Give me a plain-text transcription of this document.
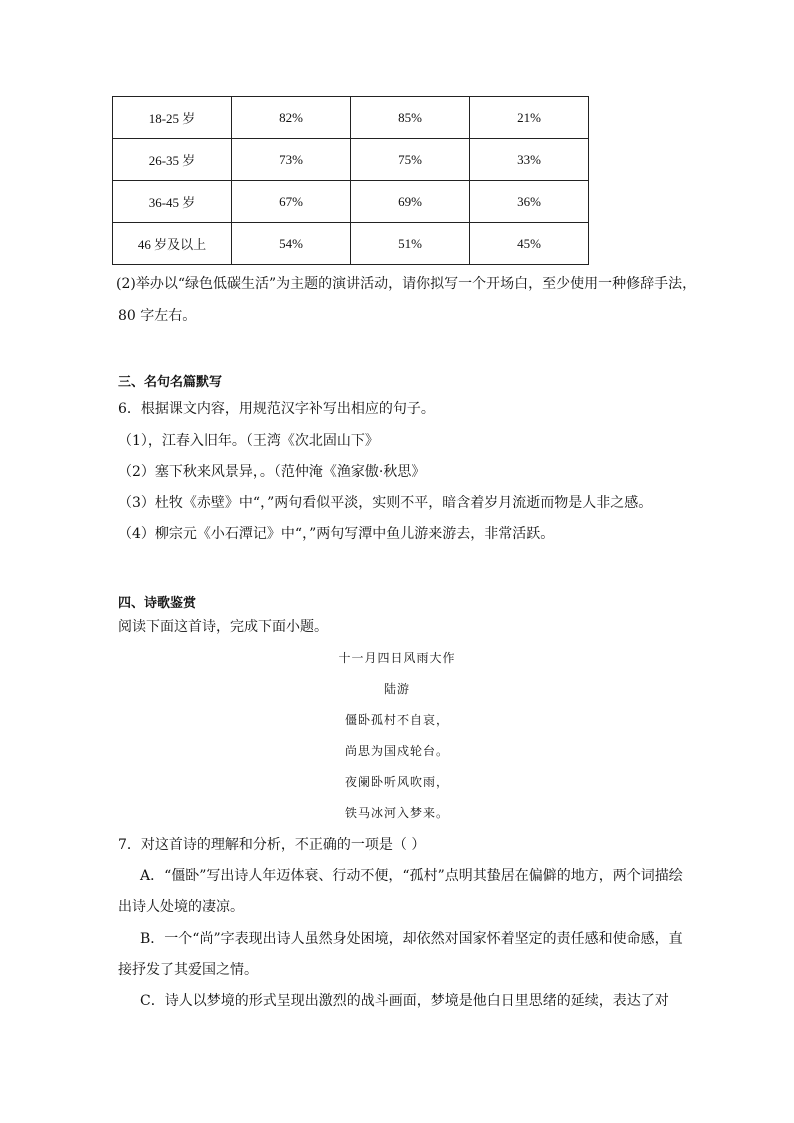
18-25 岁	82%	85%	21%
26-35 岁	73%	75%	33%
36-45 岁	67%	69%	36%
46 岁及以上	54%	51%	45%
(2)举办以“绿色低碳生活”为主题的演讲活动，请你拟写一个开场白，至少使用一种修辞手法，
80 字左右。
三、名句名篇默写
6．根据课文内容，用规范汉字补写出相应的句子。
（1），江春入旧年。（王湾《次北固山下》
（2）塞下秋来风景异，。（范仲淹《渔家傲·秋思》
（3）杜牧《赤壁》中“，”两句看似平淡，实则不平，暗含着岁月流逝而物是人非之感。
（4）柳宗元《小石潭记》中“，”两句写潭中鱼儿游来游去，非常活跃。
四、诗歌鉴赏
阅读下面这首诗，完成下面小题。
十一月四日风雨大作
陆游
僵卧孤村不自哀，
尚思为国戍轮台。
夜阑卧听风吹雨，
铁马冰河入梦来。
7．对这首诗的理解和分析，不正确的一项是（ ）
A．“僵卧”写出诗人年迈体衰、行动不便，“孤村”点明其蛰居在偏僻的地方，两个词描绘
出诗人处境的凄凉。
B．一个“尚”字表现出诗人虽然身处困境，却依然对国家怀着坚定的责任感和使命感，直
接抒发了其爱国之情。
C．诗人以梦境的形式呈现出激烈的战斗画面，梦境是他白日里思绪的延续，表达了对
